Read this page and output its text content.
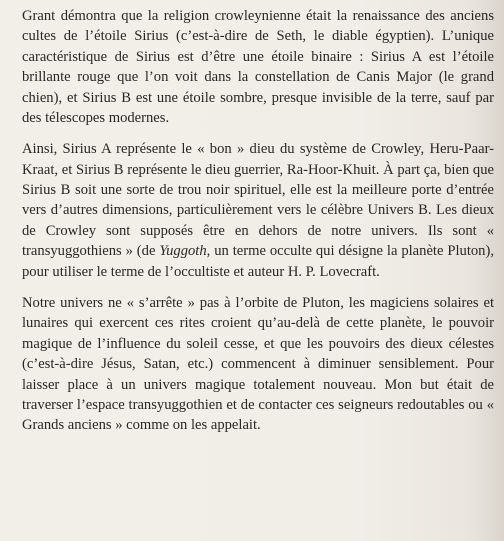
Grant démontra que la religion crowleynienne était la renaissance des anciens cultes de l’étoile Sirius (c’est-à-dire de Seth, le diable égyptien). L’unique caractéristique de Sirius est d’être une étoile binaire : Sirius A est l’étoile brillante rouge que l’on voit dans la constellation de Canis Major (le grand chien), et Sirius B est une étoile sombre, presque invisible de la terre, sauf par des télescopes modernes.

Ainsi, Sirius A représente le « bon » dieu du système de Crowley, Heru-Paar-Kraat, et Sirius B représente le dieu guerrier, Ra-Hoor-Khuit. À part ça, bien que Sirius B soit une sorte de trou noir spirituel, elle est la meilleure porte d’entrée vers d’autres dimensions, particulièrement vers le célèbre Univers B. Les dieux de Crowley sont supposés être en dehors de notre univers. Ils sont « transyuggothiens » (de Yuggoth, un terme occulte qui désigne la planète Pluton), pour utiliser le terme de l’occultiste et auteur H. P. Lovecraft.

Notre univers ne « s’arrête » pas à l’orbite de Pluton, les magiciens solaires et lunaires qui exercent ces rites croient qu’au-delà de cette planète, le pouvoir magique de l’influence du soleil cesse, et que les pouvoirs des dieux célestes (c’est-à-dire Jésus, Satan, etc.) commencent à diminuer sensiblement. Pour laisser place à un univers magique totalement nouveau. Mon but était de traverser l’espace transyuggothien et de contacter ces seigneurs redoutables ou « Grands anciens » comme on les appelait.
